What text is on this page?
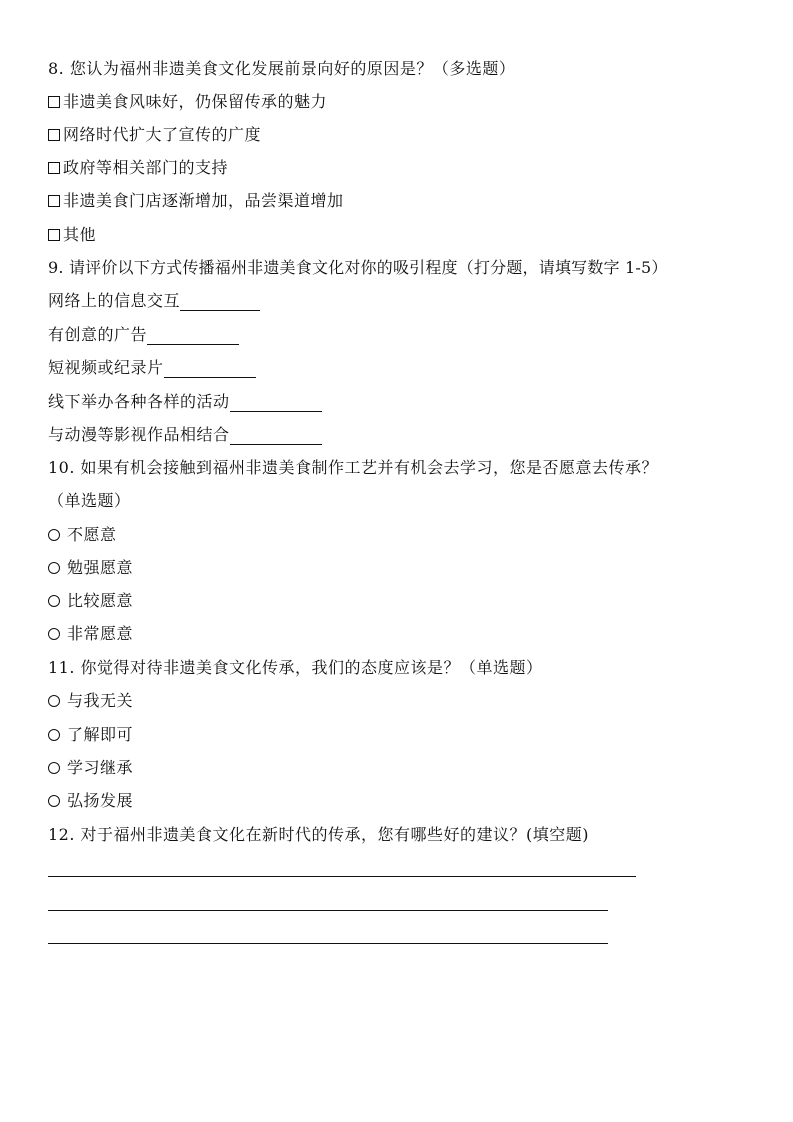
8. 您认为福州非遗美食文化发展前景向好的原因是？（多选题）
非遗美食风味好，仍保留传承的魅力
网络时代扩大了宣传的广度
政府等相关部门的支持
非遗美食门店逐渐增加，品尝渠道增加
其他
9. 请评价以下方式传播福州非遗美食文化对你的吸引程度（打分题，请填写数字 1-5）
网络上的信息交互
有创意的广告
短视频或纪录片
线下举办各种各样的活动
与动漫等影视作品相结合
10. 如果有机会接触到福州非遗美食制作工艺并有机会去学习，您是否愿意去传承？
（单选题）
不愿意
勉强愿意
比较愿意
非常愿意
11. 你觉得对待非遗美食文化传承，我们的态度应该是？（单选题）
与我无关
了解即可
学习继承
弘扬发展
12. 对于福州非遗美食文化在新时代的传承，您有哪些好的建议？(填空题)
